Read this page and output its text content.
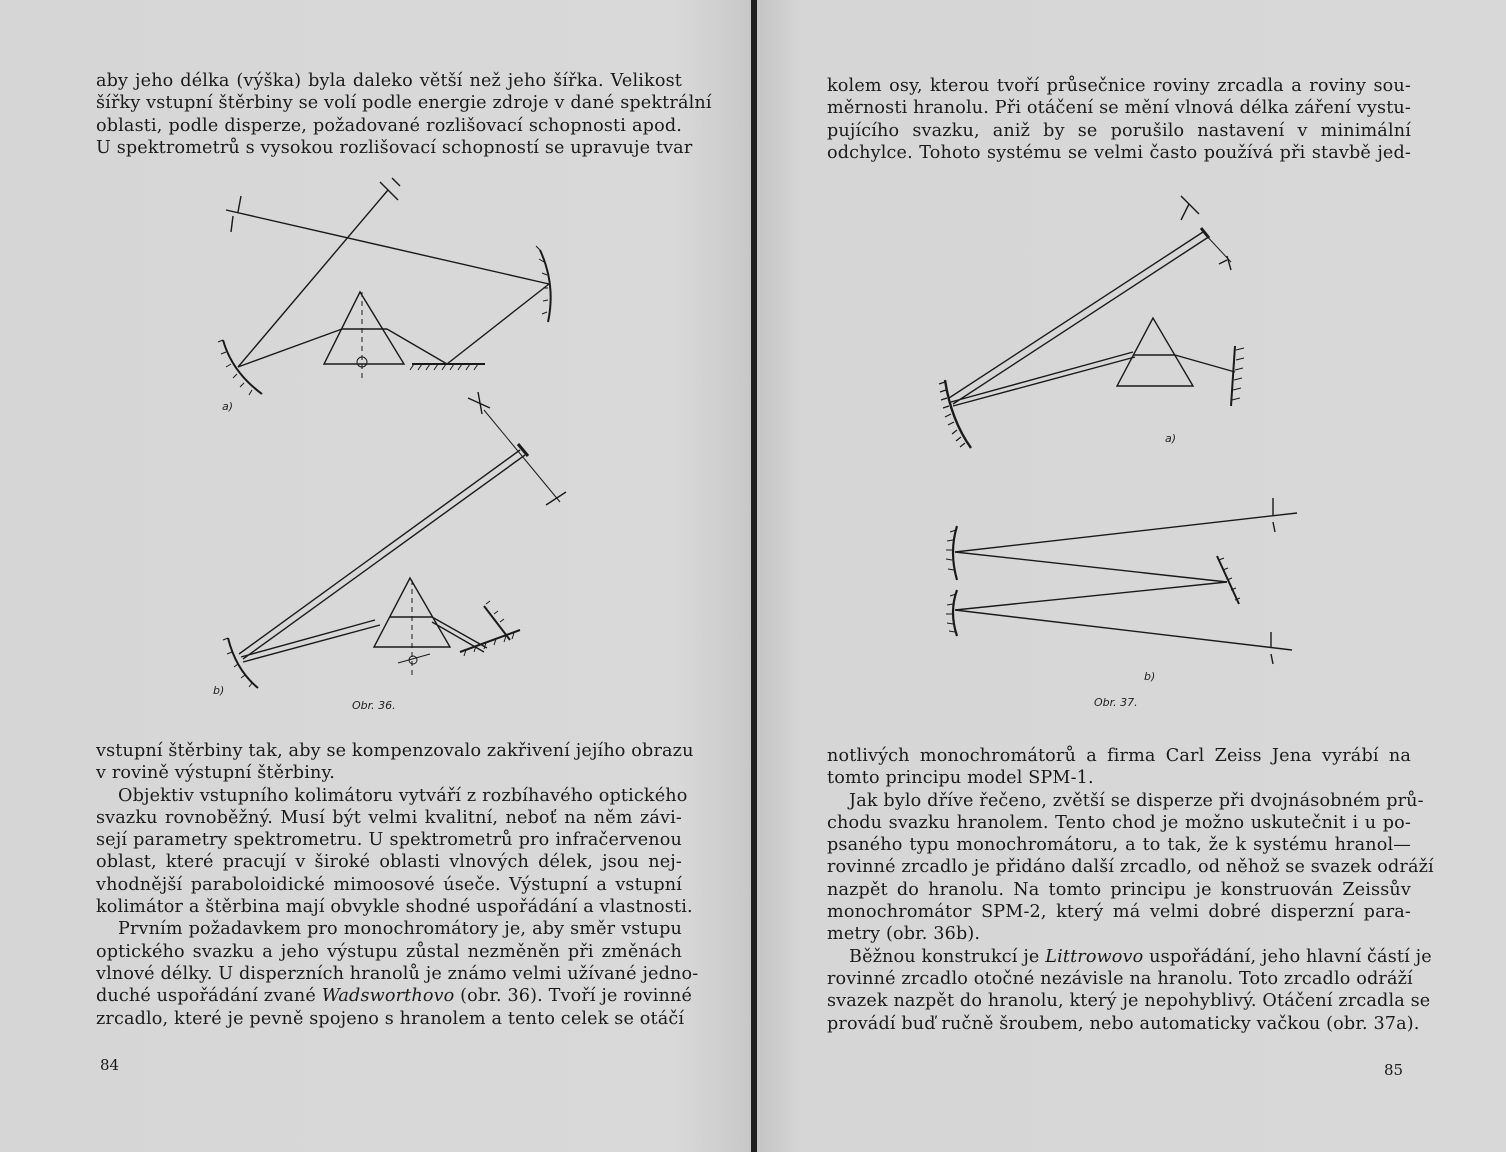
aby jeho délka (výška) byla daleko větší než jeho šířka. Velikost
šířky vstupní štěrbiny se volí podle energie zdroje v dané spektrální
oblasti, podle disperze, požadované rozlišovací schopnosti apod.
U spektrometrů s vysokou rozlišovací schopností se upravuje tvar
a)
b)
Obr. 36.
vstupní štěrbiny tak, aby se kompenzovalo zakřivení jejího obrazu
v rovině výstupní štěrbiny.
Objektiv vstupního kolimátoru vytváří z rozbíhavého optického
svazku rovnoběžný. Musí být velmi kvalitní, neboť na něm závi-
sejí parametry spektrometru. U spektrometrů pro infračervenou
oblast, které pracují v široké oblasti vlnových délek, jsou nej-
vhodnější paraboloidické mimoosové úseče. Výstupní a vstupní
kolimátor a štěrbina mají obvykle shodné uspořádání a vlastnosti.
Prvním požadavkem pro monochromátory je, aby směr vstupu
optického svazku a jeho výstupu zůstal nezměněn při změnách
vlnové délky. U disperzních hranolů je známo velmi užívané jedno-
duché uspořádání zvané Wadsworthovo (obr. 36). Tvoří je rovinné
zrcadlo, které je pevně spojeno s hranolem a tento celek se otáčí
84
kolem osy, kterou tvoří průsečnice roviny zrcadla a roviny sou-
měrnosti hranolu. Při otáčení se mění vlnová délka záření vystu-
pujícího svazku, aniž by se porušilo nastavení v minimální
odchylce. Tohoto systému se velmi často používá při stavbě jed-
a)
b)
Obr. 37.
notlivých monochromátorů a firma Carl Zeiss Jena vyrábí na
tomto principu model SPM-1.
Jak bylo dříve řečeno, zvětší se disperze při dvojnásobném prů-
chodu svazku hranolem. Tento chod je možno uskutečnit i u po-
psaného typu monochromátoru, a to tak, že k systému hranol—
rovinné zrcadlo je přidáno další zrcadlo, od něhož se svazek odráží
nazpět do hranolu. Na tomto principu je konstruován Zeissův
monochromátor SPM-2, který má velmi dobré disperzní para-
metry (obr. 36b).
Běžnou konstrukcí je Littrowovo uspořádání, jeho hlavní částí je
rovinné zrcadlo otočné nezávisle na hranolu. Toto zrcadlo odráží
svazek nazpět do hranolu, který je nepohyblivý. Otáčení zrcadla se
provádí buď ručně šroubem, nebo automaticky vačkou (obr. 37a).
85
